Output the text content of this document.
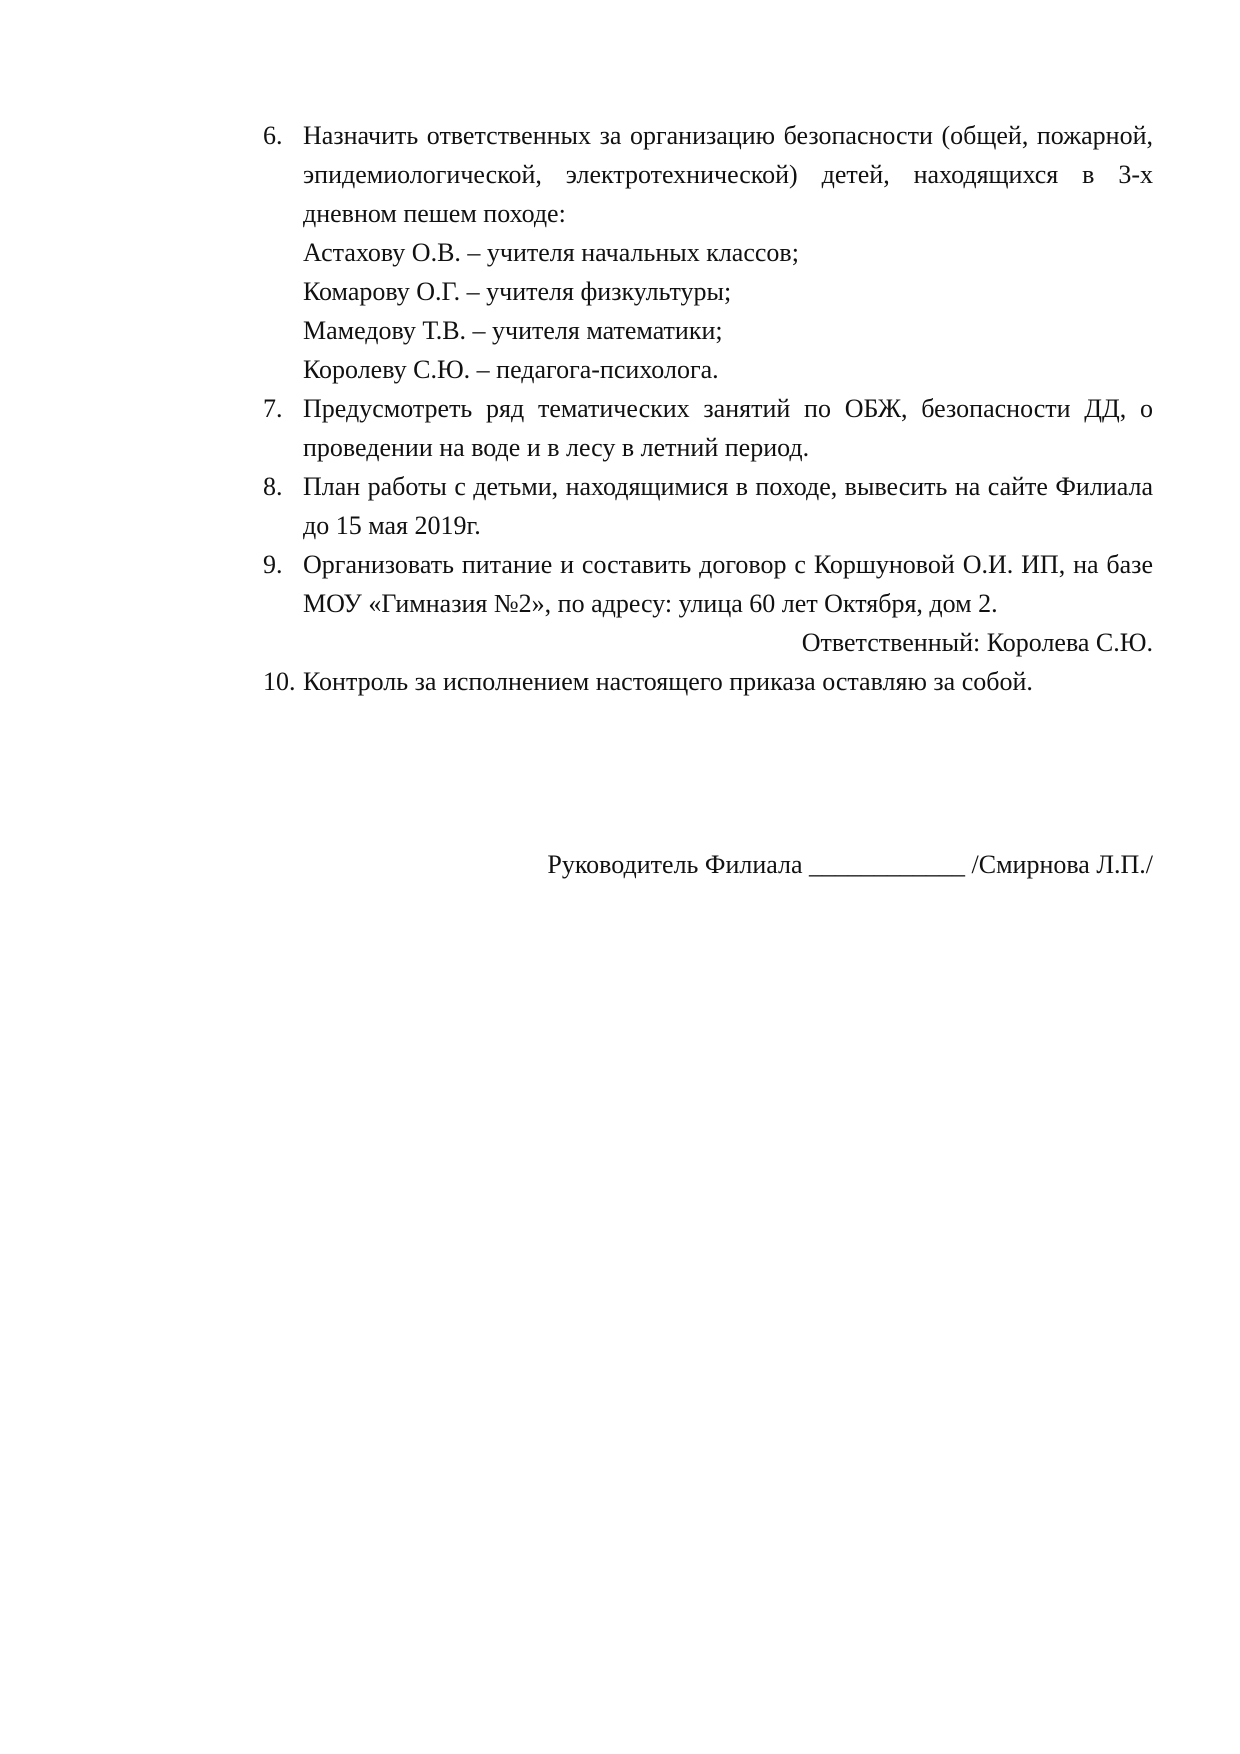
6. Назначить ответственных за организацию безопасности (общей, пожарной, эпидемиологической, электротехнической) детей, находящихся в 3-х дневном пешем походе:
Астахову О.В. – учителя начальных классов;
Комарову О.Г. – учителя физкультуры;
Мамедову Т.В. – учителя математики;
Королеву С.Ю. – педагога-психолога.
7. Предусмотреть ряд тематических занятий по ОБЖ, безопасности ДД, о проведении на воде и в лесу в летний период.
8. План работы с детьми, находящимися в походе, вывесить на сайте Филиала до 15 мая 2019г.
9. Организовать питание и составить договор с Коршуновой О.И. ИП, на базе МОУ «Гимназия №2», по адресу: улица 60 лет Октября, дом 2.
Ответственный: Королева С.Ю.
10. Контроль за исполнением настоящего приказа оставляю за собой.
Руководитель Филиала ____________ /Смирнова Л.П./
